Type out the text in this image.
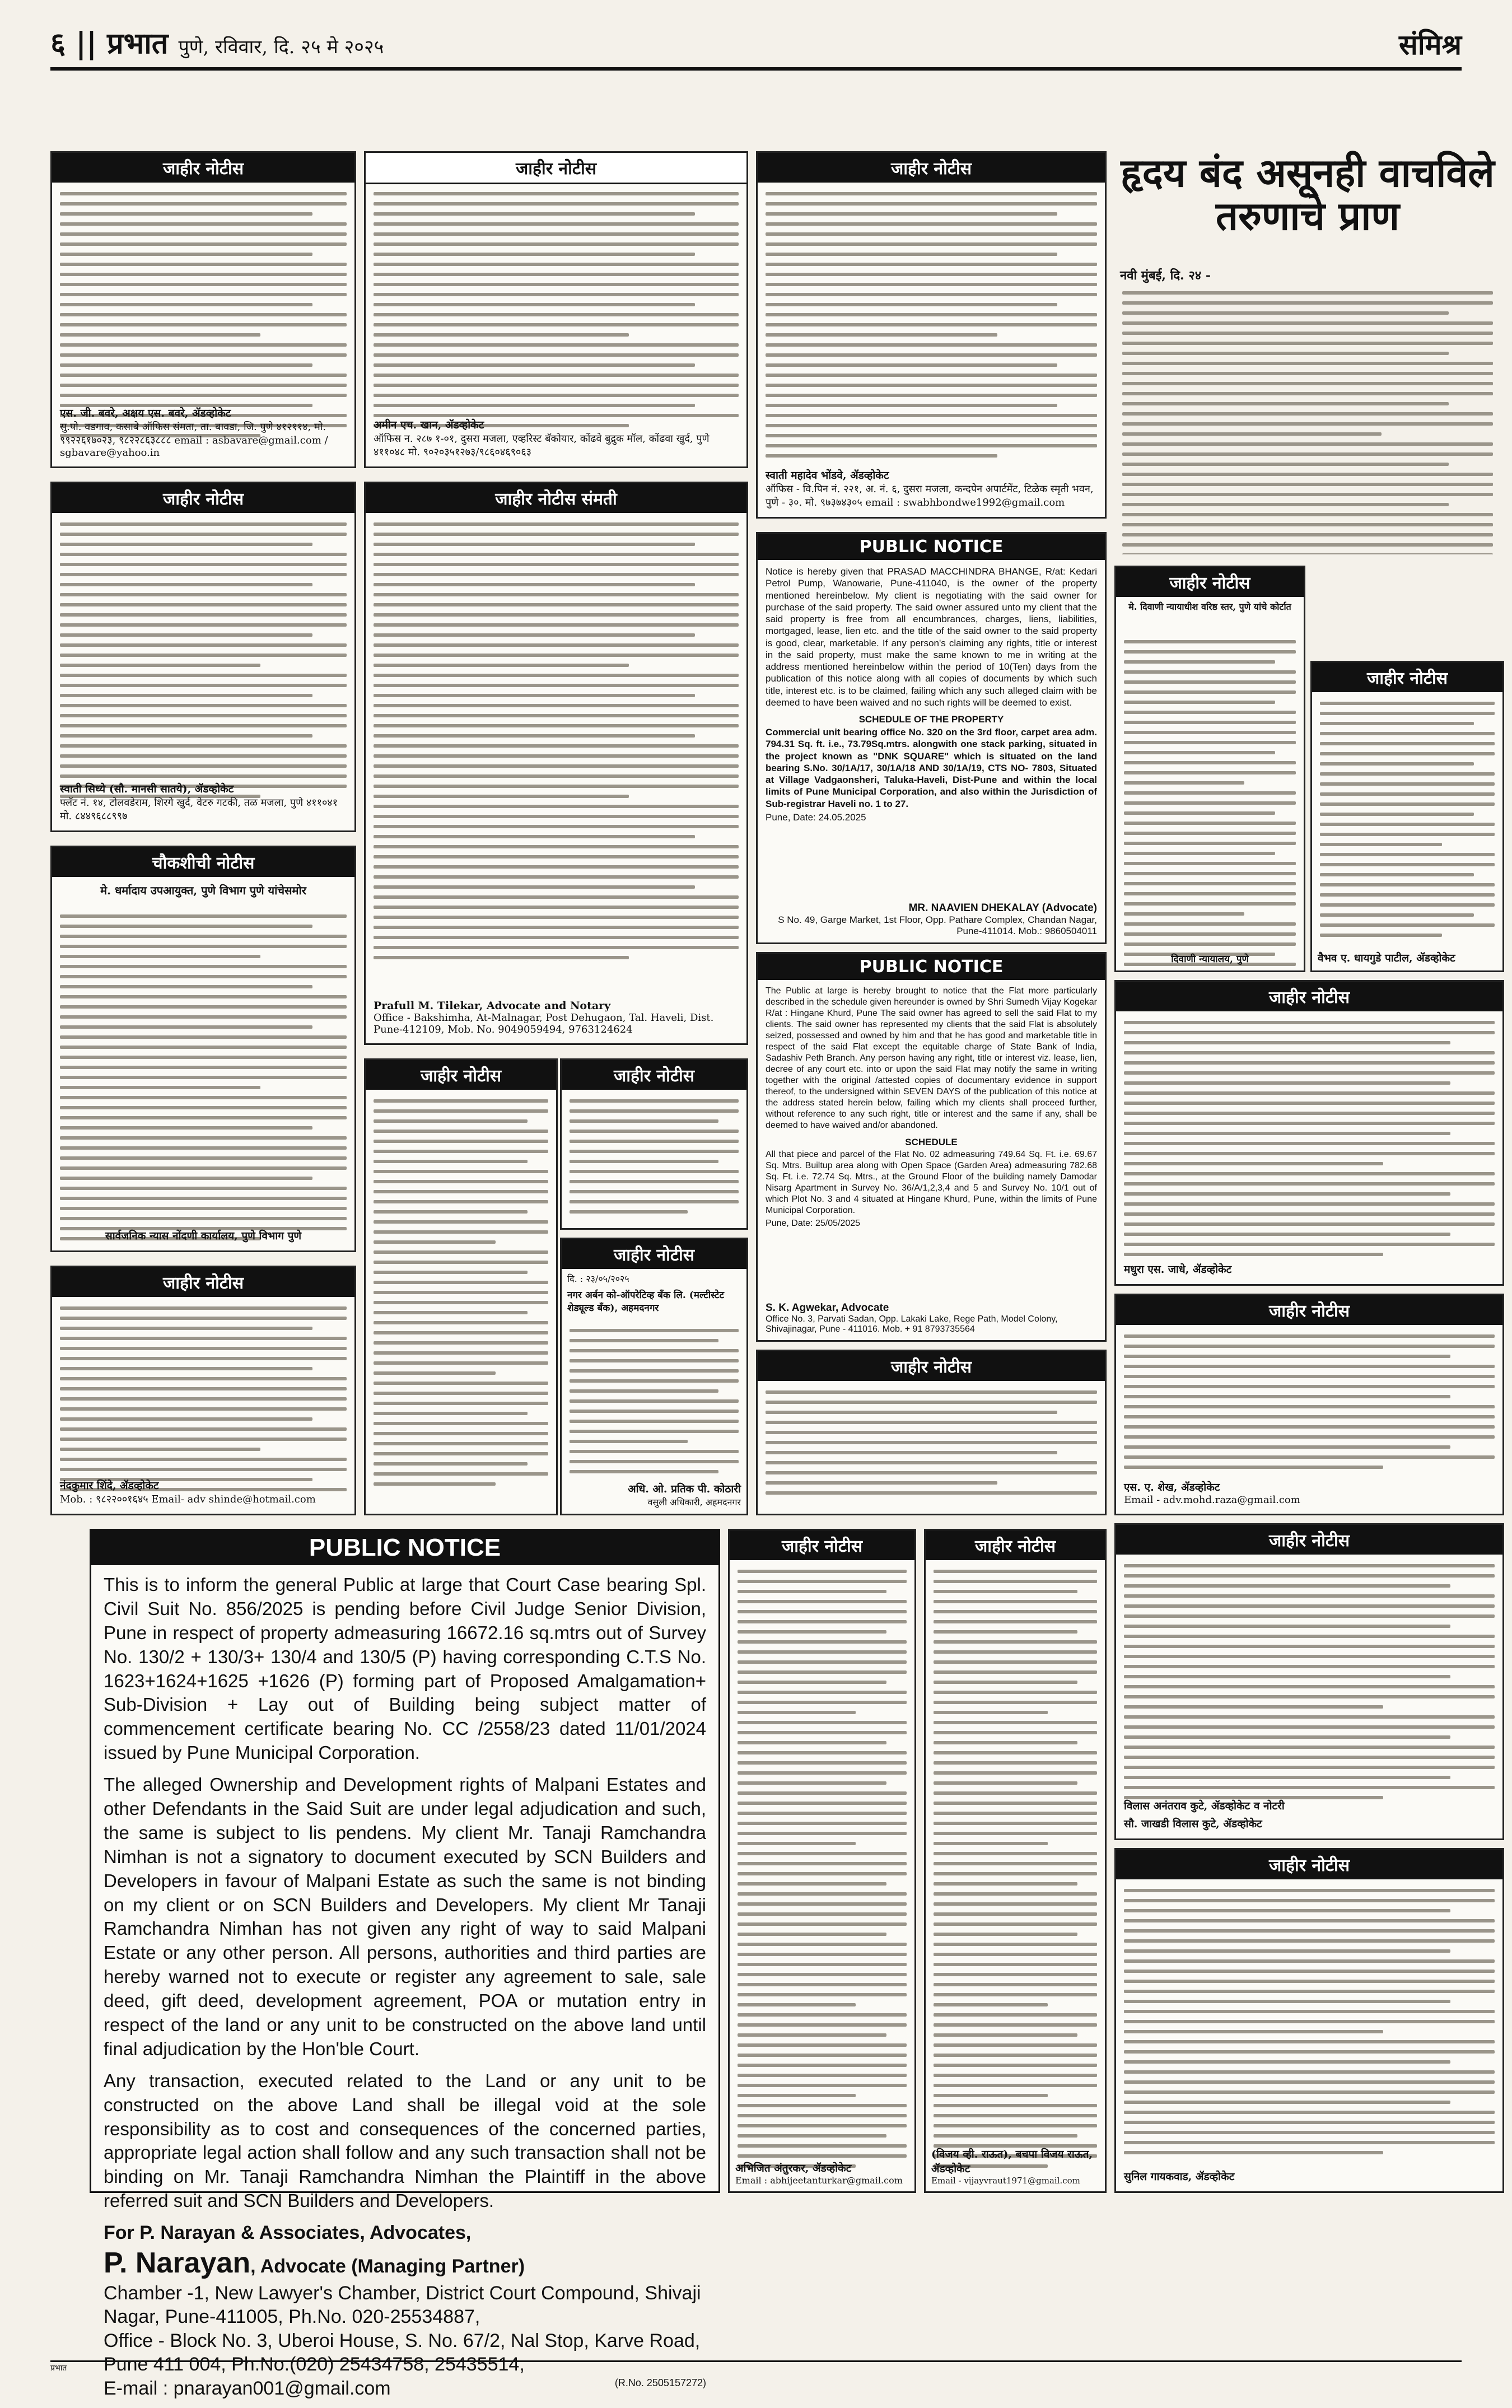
६ || प्रभात पुणे, रविवार, दि. २५ मे २०२५	संमिश्र
जाहीर नोटीस
एस. जी. बवरे, अक्षय एस. बवरे, ॲडव्होकेट
सु.पो. वडगाव, कसाबे ऑफिस संमता, ता. बावडा, जि. पुणे ४१२११४, मो. ९९२२६१७०२३, ९८२२८६३८८८ email : asbavare@gmail.com / sgbavare@yahoo.in
जाहीर नोटीस
स्वाती सिध्ये (सौ. मानसी सातये), ॲडव्होकेट
फ्लॅट नं. १४, टोलवडेराम, शिरगे खुर्द, वेटरु गटकी, तळ मजला, पुणे ४११०४१ मो. ८४४९६८८९९७
चौकशीची नोटीस
मे. धर्मादाय उपआयुक्त, पुणे विभाग पुणे यांचेसमोर
सार्वजनिक न्यास नोंदणी कार्यालय, पुणे विभाग पुणे
जाहीर नोटीस
नंदकुमार शिंदे, ॲडव्होकेट
Mob. : ९८२२००१६४५ Email- adv shinde@hotmail.com
जाहीर नोटीस
अमीन एच. खान, ॲडव्होकेट
ऑफिस न. २८७ १-०१, दुसरा मजला, एव्हरिस्ट बॅकोयार, कोंढवे बुद्रुक मॉल, कोंढवा खुर्द, पुणे ४११०४८ मो. ९०२०३५१२७३/९८६०४६९०६३
जाहीर नोटीस संमती
Prafull M. Tilekar, Advocate and Notary
Office - Bakshimha, At-Malnagar, Post Dehugaon, Tal. Haveli, Dist. Pune-412109, Mob. No. 9049059494, 9763124624
जाहीर नोटीस	जाहीर नोटीस
जाहीर नोटीस
दि. : २३/०५/२०२५
नगर अर्बन को-ऑपरेटिव्ह बँक लि. (मल्टीस्टेट शेड्यूल्ड बँक), अहमदनगर
अधि. ओ. प्रतिक पी. कोठारी
वसुली अधिकारी, अहमदनगर
जाहीर नोटीस
स्वाती महादेव भोंडवे, ॲडव्होकेट
ऑफिस - वि.पिन नं. २२१, अ. नं. ६, दुसरा मजला, कन्दपेन अपार्टमेंट, टिळेक स्मृती भवन, पुणे - ३०. मो. ९७३७४३०५ email : swabhbondwe1992@gmail.com
PUBLIC NOTICE
Notice is hereby given that PRASAD MACCHINDRA BHANGE, R/at: Kedari Petrol Pump, Wanowarie, Pune-411040, is the owner of the property mentioned hereinbelow. My client is negotiating with the said owner for purchase of the said property. The said owner assured unto my client that the said property is free from all encumbrances, charges, liens, liabilities, mortgaged, lease, lien etc. and the title of the said owner to the said property is good, clear, marketable. If any person's claiming any rights, title or interest in the said property, must make the same known to me in writing at the address mentioned hereinbelow within the period of 10(Ten) days from the publication of this notice along with all copies of documents by which such title, interest etc. is to be claimed, failing which any such alleged claim with be deemed to have been waived and no such rights will be deemed to exist.
SCHEDULE OF THE PROPERTY
Commercial unit bearing office No. 320 on the 3rd floor, carpet area adm. 794.31 Sq. ft. i.e., 73.79Sq.mtrs. alongwith one stack parking, situated in the project known as "DNK SQUARE" which is situated on the land bearing S.No. 30/1A/17, 30/1A/18 AND 30/1A/19, CTS NO- 7803, Situated at Village Vadgaonsheri, Taluka-Haveli, Dist-Pune and within the local limits of Pune Municipal Corporation, and also within the Jurisdiction of Sub-registrar Haveli no. 1 to 27.
Pune, Date: 24.05.2025
MR. NAAVIEN DHEKALAY (Advocate)
S No. 49, Garge Market, 1st Floor, Opp. Pathare Complex, Chandan Nagar, Pune-411014. Mob.: 9860504011
PUBLIC NOTICE
The Public at large is hereby brought to notice that the Flat more particularly described in the schedule given hereunder is owned by Shri Sumedh Vijay Kogekar R/at : Hingane Khurd, Pune The said owner has agreed to sell the said Flat to my clients. The said owner has represented my clients that the said Flat is absolutely seized, possessed and owned by him and that he has good and marketable title in respect of the said Flat except the equitable charge of State Bank of India, Sadashiv Peth Branch. Any person having any right, title or interest viz. lease, lien, decree of any court etc. into or upon the said Flat may notify the same in writing together with the original /attested copies of documentary evidence in support thereof, to the undersigned within SEVEN DAYS of the publication of this notice at the address stated herein below, failing which my clients shall proceed further, without reference to any such right, title or interest and the same if any, shall be deemed to have waived and/or abandoned.
SCHEDULE
All that piece and parcel of the Flat No. 02 admeasuring 749.64 Sq. Ft. i.e. 69.67 Sq. Mtrs. Builtup area along with Open Space (Garden Area) admeasuring 782.68 Sq. Ft. i.e. 72.74 Sq. Mtrs., at the Ground Floor of the building namely Damodar Nisarg Apartment in Survey No. 36/A/1,2,3,4 and 5 and Survey No. 10/1 out of which Plot No. 3 and 4 situated at Hingane Khurd, Pune, within the limits of Pune Municipal Corporation.
Pune, Date: 25/05/2025
S. K. Agwekar, Advocate
Office No. 3, Parvati Sadan, Opp. Lakaki Lake, Rege Path, Model Colony, Shivajinagar, Pune - 411016. Mob. + 91 8793735564
जाहीर नोटीस
हृदय बंद असूनही वाचविले तरुणाचे प्राण
नवी मुंबई, दि. २४ -
जाहीर नोटीस
मे. दिवाणी न्यायाधीश वरिष्ठ स्तर, पुणे यांचे कोर्टात
दिवाणी न्यायालय, पुणे
जाहीर नोटीस
वैभव ए. धायगुडे पाटील, ॲडव्होकेट
जाहीर नोटीस
मधुरा एस. जाधे, ॲडव्होकेट
जाहीर नोटीस
एस. ए. शेख, ॲडव्होकेट
Email - adv.mohd.raza@gmail.com
PUBLIC NOTICE
This is to inform the general Public at large that Court Case bearing Spl. Civil Suit No. 856/2025 is pending before Civil Judge Senior Division, Pune in respect of property admeasuring 16672.16 sq.mtrs out of Survey No. 130/2 + 130/3+ 130/4 and 130/5 (P) having corresponding C.T.S No. 1623+1624+1625 +1626 (P) forming part of Proposed Amalgamation+ Sub-Division + Lay out of Building being subject matter of commencement certificate bearing No. CC /2558/23 dated 11/01/2024 issued by Pune Municipal Corporation.
The alleged Ownership and Development rights of Malpani Estates and other Defendants in the Said Suit are under legal adjudication and such, the same is subject to lis pendens. My client Mr. Tanaji Ramchandra Nimhan is not a signatory to document executed by SCN Builders and Developers in favour of Malpani Estate as such the same is not binding on my client or on SCN Builders and Developers. My client Mr Tanaji Ramchandra Nimhan has not given any right of way to said Malpani Estate or any other person. All persons, authorities and third parties are hereby warned not to execute or register any agreement to sale, sale deed, gift deed, development agreement, POA or mutation entry in respect of the land or any unit to be constructed on the above land until final adjudication by the Hon'ble Court.
Any transaction, executed related to the Land or any unit to be constructed on the above Land shall be illegal void at the sole responsibility as to cost and consequences of the concerned parties, appropriate legal action shall follow and any such transaction shall not be binding on Mr. Tanaji Ramchandra Nimhan the Plaintiff in the above referred suit and SCN Builders and Developers.
For P. Narayan & Associates, Advocates,
P. Narayan, Advocate (Managing Partner)
Chamber -1, New Lawyer's Chamber, District Court Compound, Shivaji Nagar, Pune-411005, Ph.No. 020-25534887,
Office - Block No. 3, Uberoi House, S. No. 67/2, Nal Stop, Karve Road, Pune 411 004, Ph.No.(020) 25434758, 25435514,
E-mail : pnarayan001@gmail.com	(R.No. 2505157272)
जाहीर नोटीस
अभिजित अंतुरकर, ॲडव्होकेट
Email : abhijeetanturkar@gmail.com
जाहीर नोटीस
(विजय व्ही. राऊत), बचपा विजय राऊत, ॲडव्होकेट
Email - vijayvraut1971@gmail.com
जाहीर नोटीस
विलास अनंतराव कुटे, ॲडव्होकेट व नोटरी
सौ. जाखडी विलास कुटे, ॲडव्होकेट
जाहीर नोटीस
सुनिल गायकवाड, ॲडव्होकेट
प्रभात
